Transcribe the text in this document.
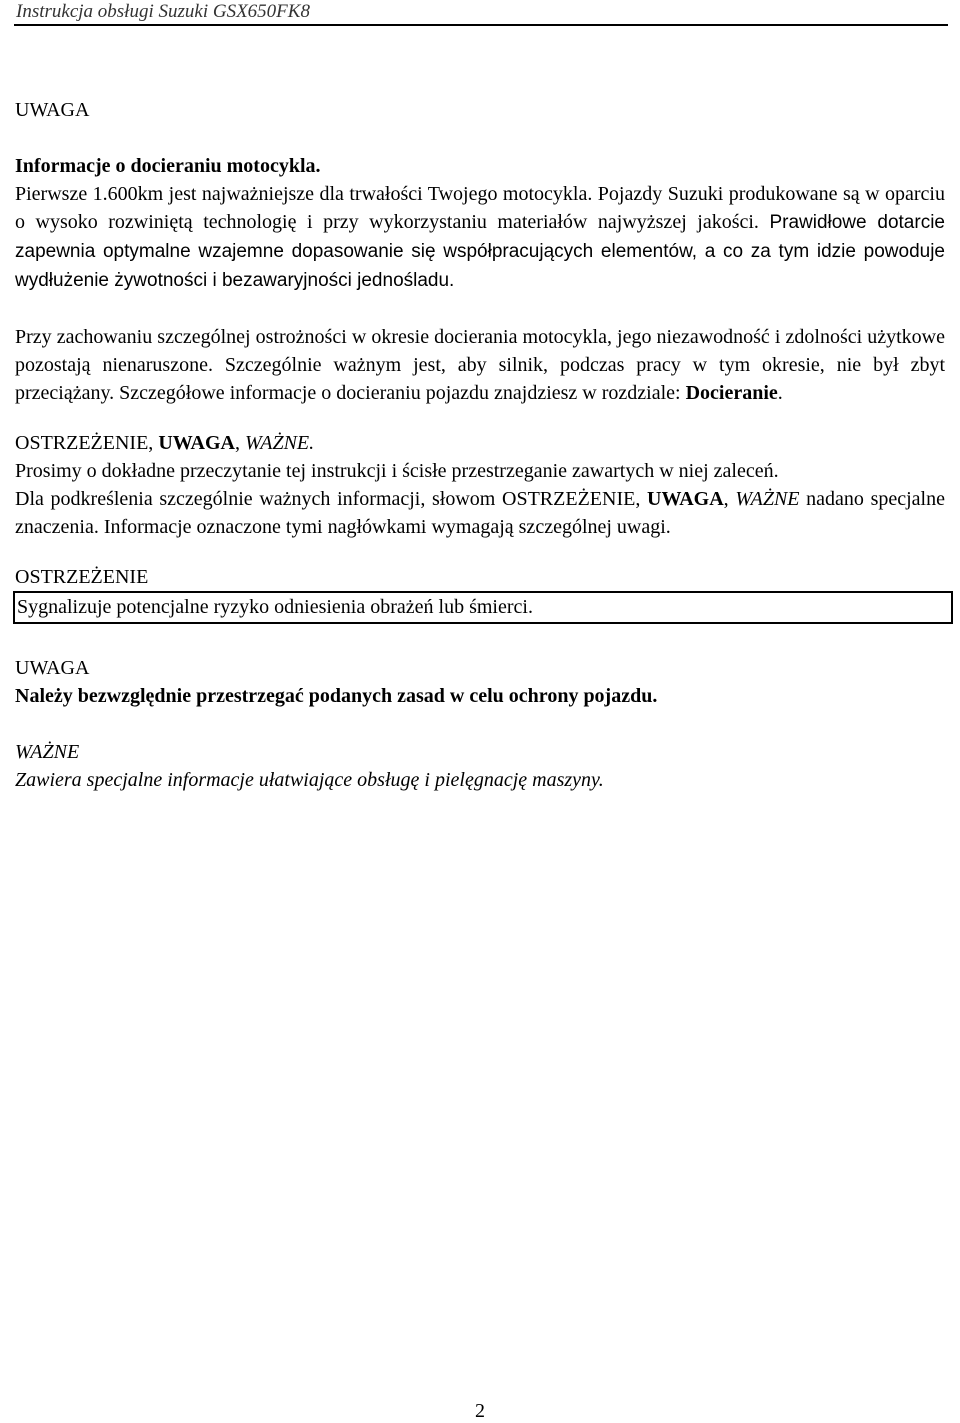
Instrukcja obsługi Suzuki GSX650FK8

UWAGA

Informacje o docieraniu motocykla.

Pierwsze 1.600km jest najważniejsze dla trwałości Twojego motocykla. Pojazdy Suzuki produkowane są w oparciu o wysoko rozwiniętą technologię i przy wykorzystaniu materiałów najwyższej jakości. Prawidłowe dotarcie zapewnia optymalne wzajemne dopasowanie się współpracujących elementów, a co za tym idzie powoduje wydłużenie żywotności i bezawaryjności jednośladu.

Przy zachowaniu szczególnej ostrożności w okresie docierania motocykla, jego niezawodność i zdolności użytkowe pozostają nienaruszone. Szczególnie ważnym jest, aby silnik, podczas pracy w tym okresie, nie był zbyt przeciążany. Szczegółowe informacje o docieraniu pojazdu znajdziesz w rozdziale: Docieranie.

OSTRZEŻENIE, UWAGA, WAŻNE.

Prosimy o dokładne przeczytanie tej instrukcji i ścisłe przestrzeganie zawartych w niej zaleceń.

Dla podkreślenia szczególnie ważnych informacji, słowom OSTRZEŻENIE, UWAGA, WAŻNE nadano specjalne znaczenia. Informacje oznaczone tymi nagłówkami wymagają szczególnej uwagi.

OSTRZEŻENIE

Sygnalizuje potencjalne ryzyko odniesienia obrażeń lub śmierci.

UWAGA

Należy bezwzględnie przestrzegać podanych zasad w celu ochrony pojazdu.

WAŻNE

Zawiera specjalne informacje ułatwiające obsługę i pielęgnację maszyny.

2
